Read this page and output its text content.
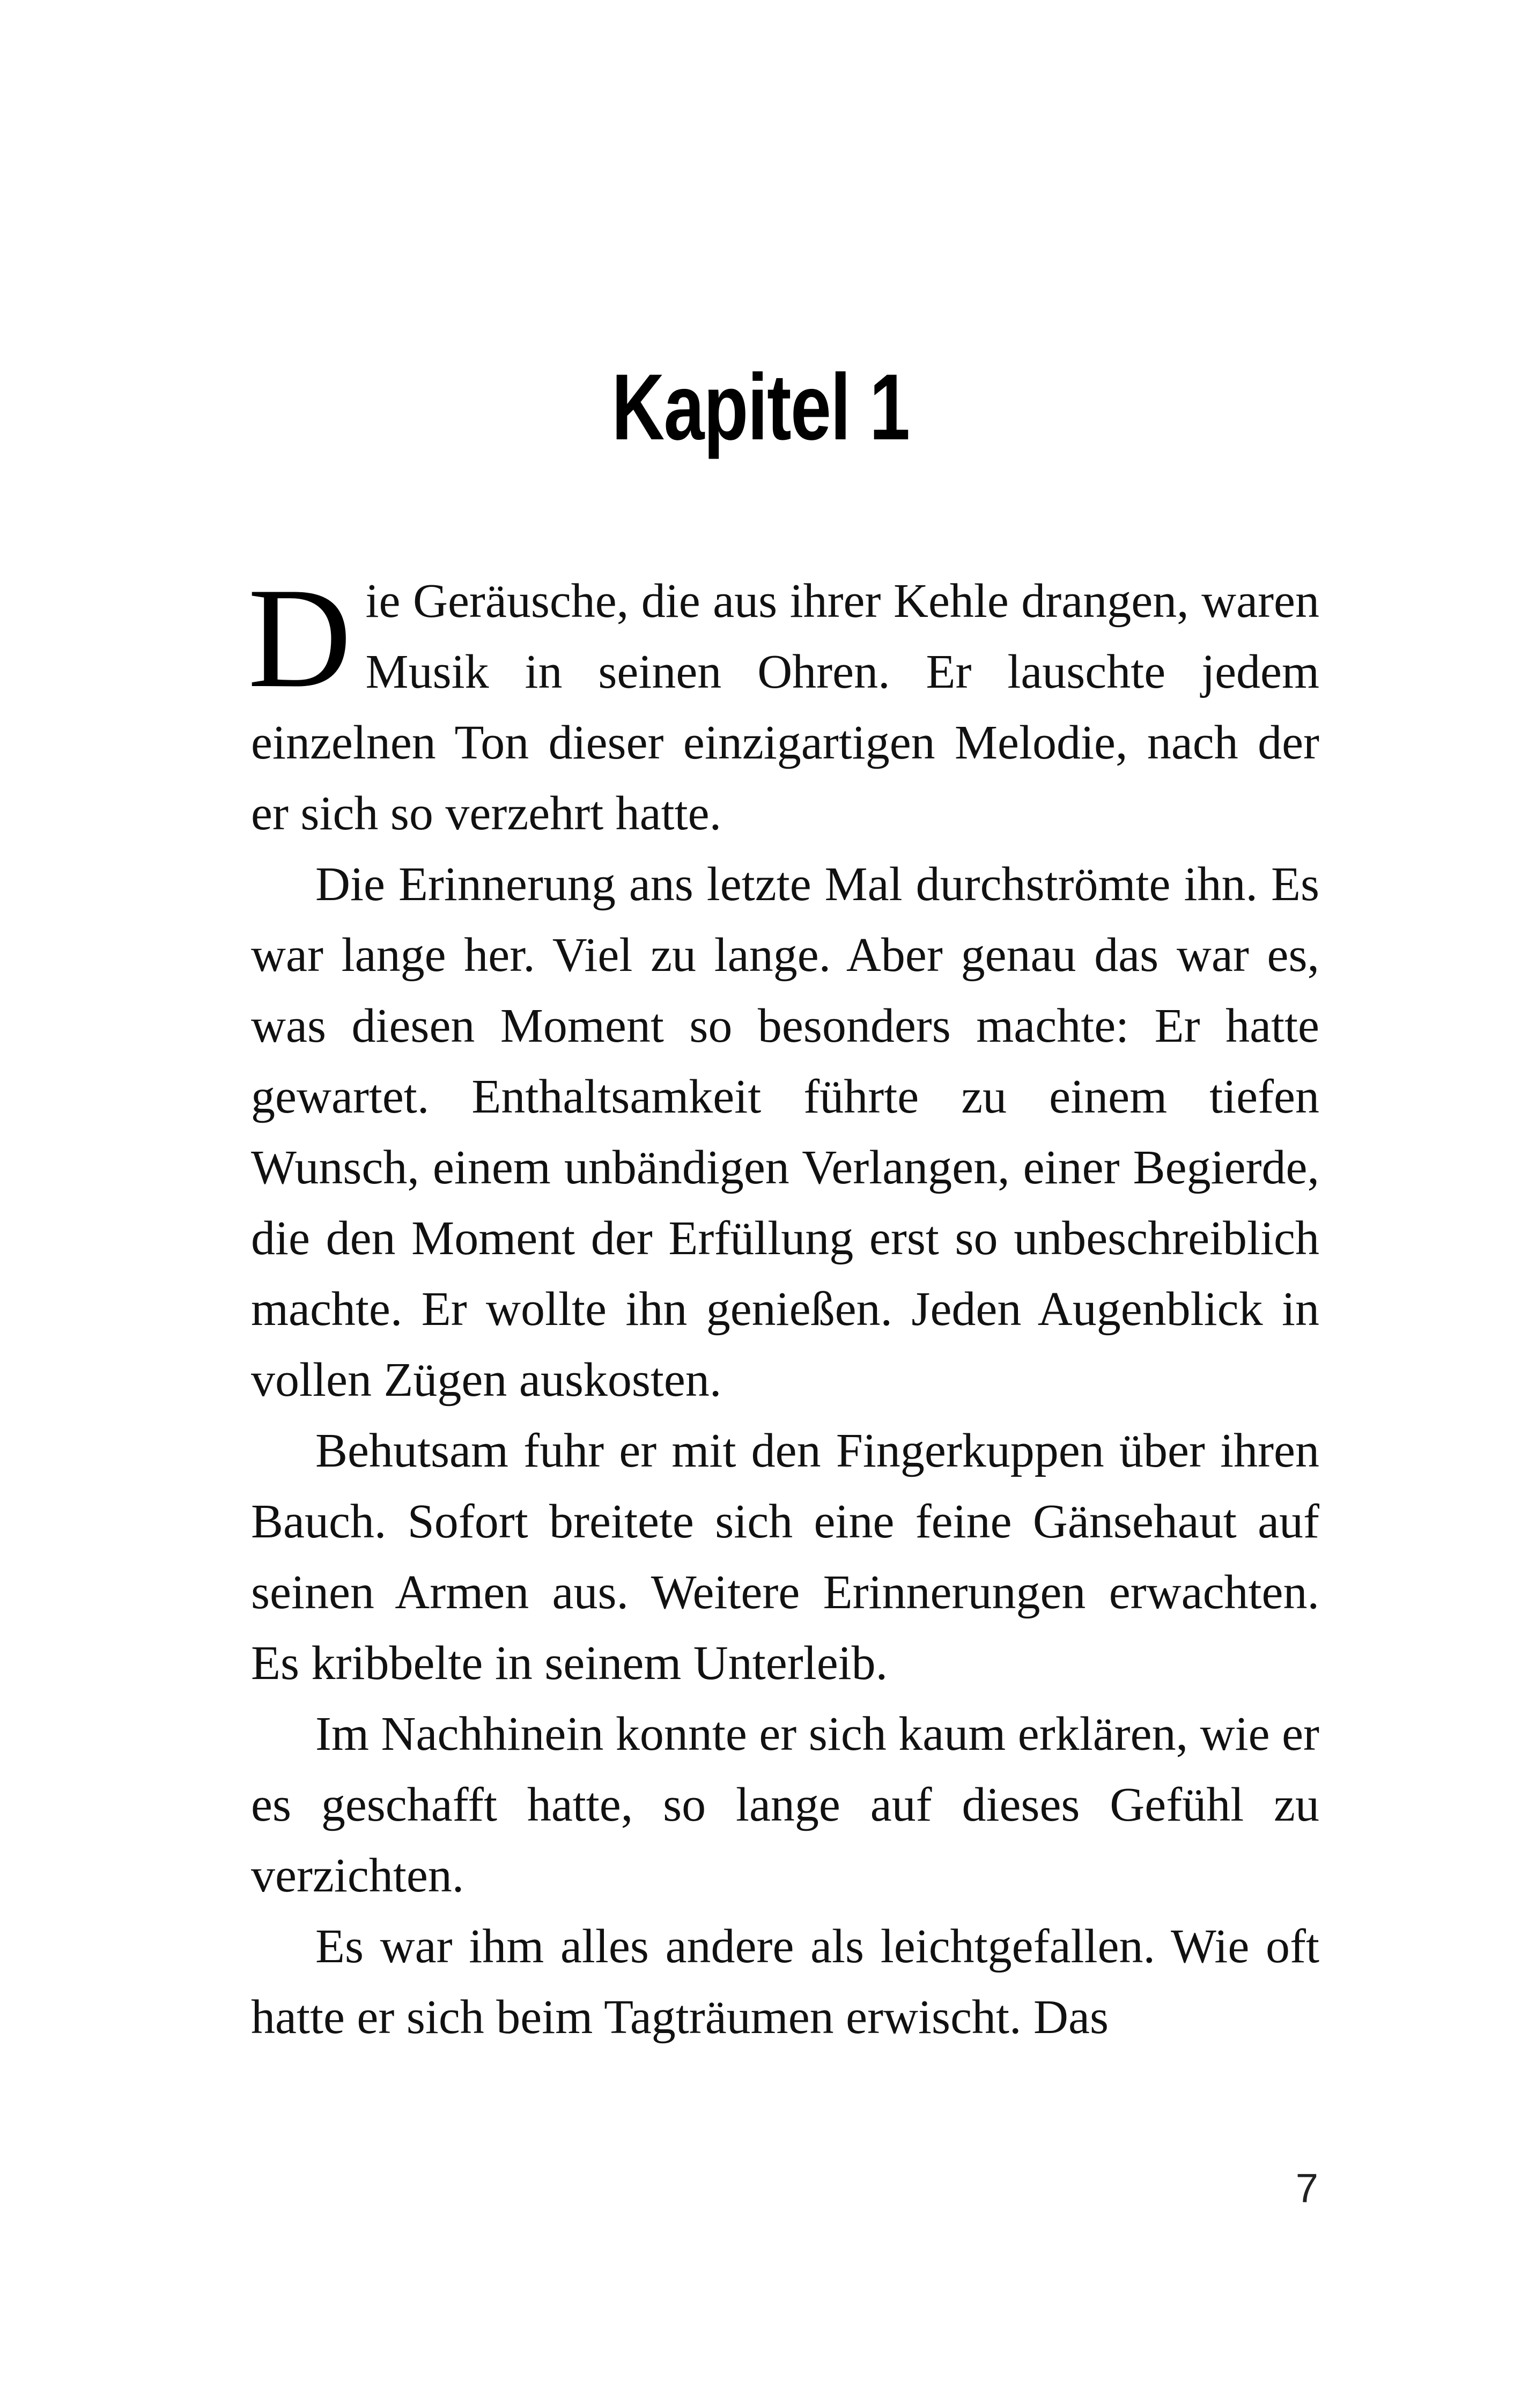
Kapitel 1

Die Geräusche, die aus ihrer Kehle drangen, waren Musik in seinen Ohren. Er lauschte jedem einzelnen Ton dieser einzigartigen Melodie, nach der er sich so verzehrt hatte.

Die Erinnerung ans letzte Mal durchströmte ihn. Es war lange her. Viel zu lange. Aber genau das war es, was diesen Moment so besonders machte: Er hatte gewartet. Enthaltsamkeit führte zu einem tiefen Wunsch, einem unbändigen Verlangen, einer Begierde, die den Moment der Erfüllung erst so unbeschreiblich machte. Er wollte ihn genießen. Jeden Augenblick in vollen Zügen auskosten.

Behutsam fuhr er mit den Fingerkuppen über ihren Bauch. Sofort breitete sich eine feine Gänsehaut auf seinen Armen aus. Weitere Erinnerungen erwachten. Es kribbelte in seinem Unterleib.

Im Nachhinein konnte er sich kaum erklären, wie er es geschafft hatte, so lange auf dieses Gefühl zu verzichten.

Es war ihm alles andere als leichtgefallen. Wie oft hatte er sich beim Tagträumen erwischt. Das

7
